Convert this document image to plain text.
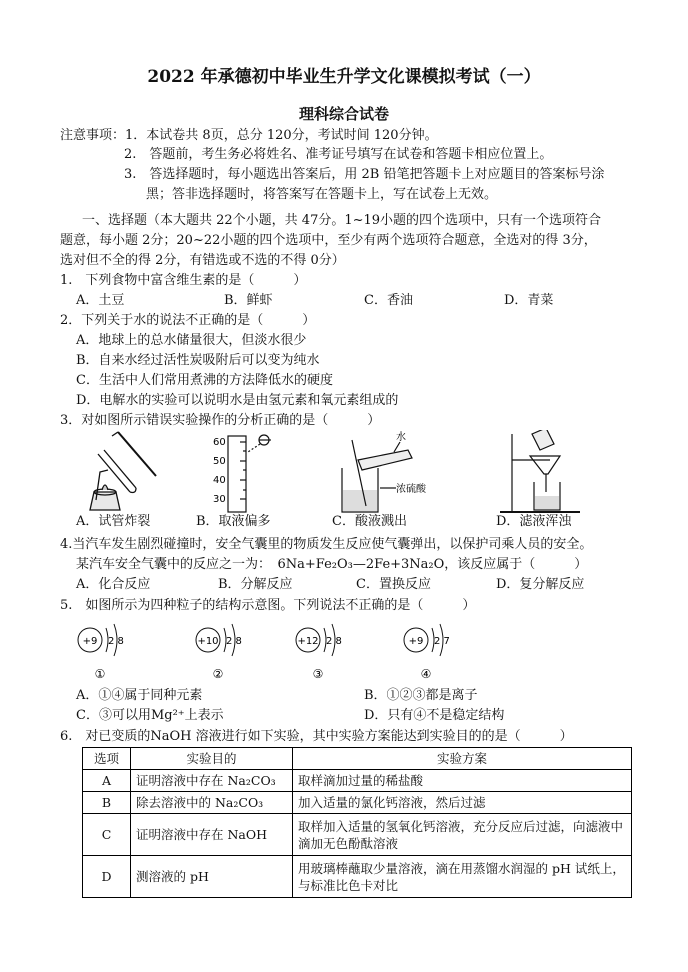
2022 年承德初中毕业生升学文化课模拟考试（一）
理科综合试卷
注意事项：1．本试卷共 8页，总分 120分，考试时间 120分钟。
2.　答题前，考生务必将姓名、准考证号填写在试卷和答题卡相应位置上。
3.　答选择题时，每小题选出答案后，用 2B 铅笔把答题卡上对应题目的答案标号涂
黑；答非选择题时，将答案写在答题卡上，写在试卷上无效。
一、选择题（本大题共 22个小题，共 47分。1~19小题的四个选项中，只有一个选项符合
题意，每小题 2分；20~22小题的四个选项中，至少有两个选项符合题意，全选对的得 3分，
选对但不全的得 2分，有错选或不选的不得 0分）
1.　下列食物中富含维生素的是（　　　）
A．土豆	B．鲜虾	C．香油	D．青菜
2．下列关于水的说法不正确的是（　　　）
A．地球上的总水储量很大，但淡水很少
B．自来水经过活性炭吸附后可以变为纯水
C．生活中人们常用煮沸的方法降低水的硬度
D．电解水的实验可以说明水是由氢元素和氧元素组成的
3．对如图所示错误实验操作的分析正确的是（　　　）
60
50
40
30
水
浓硫酸
A．试管炸裂	B．取液偏多	C．酸液溅出	D．滤液浑浊
4.当汽车发生剧烈碰撞时，安全气囊里的物质发生反应使气囊弹出，以保护司乘人员的安全。
某汽车安全气囊中的反应之一为：　6Na+Fe₂O₃—2Fe+3Na₂O，该反应属于（　　　）
A．化合反应	B．分解反应	C．置换反应	D．复分解反应
5.　如图所示为四种粒子的结构示意图。下列说法不正确的是（　　　）
+9 2 8
①
+10 2 8
②
+12 2 8
③
+9 2 7
④
A．①④属于同种元素	B．①②③都是离子
C．③可以用Mg²⁺上表示	D．只有④不是稳定结构
6.　对已变质的NaOH 溶液进行如下实验，其中实验方案能达到实验目的的是（　　　）
选项	实验目的	实验方案
A	证明溶液中存在 Na₂CO₃	取样滴加过量的稀盐酸
B	除去溶液中的 Na₂CO₃	加入适量的氯化钙溶液，然后过滤
C	证明溶液中存在 NaOH	取样加入适量的氢氧化钙溶液，充分反应后过滤，向滤液中滴加无色酚酞溶液
D	测溶液的 pH	用玻璃棒蘸取少量溶液，滴在用蒸馏水润湿的 pH 试纸上，与标准比色卡对比
